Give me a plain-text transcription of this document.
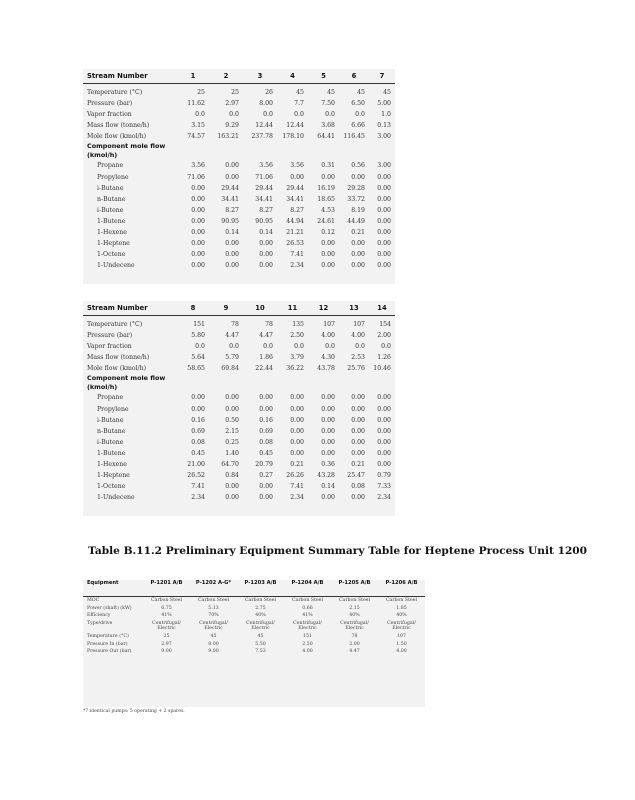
Stream Number	1	2	3	4	5	6	7
Temperature (°C)	25	25	26	45	45	45	45
Pressure (bar)	11.62	2.97	8.00	7.7	7.50	6.50	5.00
Vapor fraction	0.0	0.0	0.0	0.0	0.0	0.0	1.0
Mass flow (tonne/h)	3.15	9.29	12.44	12.44	3.68	6.66	0.13
Mole flow (kmol/h)	74.57	163.21	237.78	178.10	64.41	116.45	3.00
Component mole flow							
(kmol/h)							
Propane	3.56	0.00	3.56	3.56	0.31	0.56	3.00
Propylene	71.06	0.00	71.06	0.00	0.00	0.00	0.00
i-Butane	0.00	29.44	29.44	29.44	16.19	29.28	0.00
n-Butane	0.00	34.41	34.41	34.41	18.65	33.72	0.00
i-Butene	0.00	8.27	8.27	8.27	4.53	8.19	0.00
1-Butene	0.00	90.95	90.95	44.94	24.61	44.49	0.00
1-Hexene	0.00	0.14	0.14	21.21	0.12	0.21	0.00
1-Heptene	0.00	0.00	0.00	26.53	0.00	0.00	0.00
1-Octene	0.00	0.00	0.00	7.41	0.00	0.00	0.00
1-Undecene	0.00	0.00	0.00	2.34	0.00	0.00	0.00
Stream Number	8	9	10	11	12	13	14
Temperature (°C)	151	78	78	135	107	107	154
Pressure (bar)	5.80	4.47	4.47	2.50	4.00	4.00	2.00
Vapor fraction	0.0	0.0	0.0	0.0	0.0	0.0	0.0
Mass flow (tonne/h)	5.64	5.79	1.86	3.79	4.30	2.53	1.26
Mole flow (kmol/h)	58.65	69.84	22.44	36.22	43.78	25.76	10.46
Component mole flow							
(kmol/h)							
Propane	0.00	0.00	0.00	0.00	0.00	0.00	0.00
Propylene	0.00	0.00	0.00	0.00	0.00	0.00	0.00
i-Butane	0.16	0.50	0.16	0.00	0.00	0.00	0.00
n-Butane	0.69	2.15	0.69	0.00	0.00	0.00	0.00
i-Butene	0.08	0.25	0.08	0.00	0.00	0.00	0.00
1-Butene	0.45	1.40	0.45	0.00	0.00	0.00	0.00
1-Hexene	21.00	64.70	20.79	0.21	0.36	0.21	0.00
1-Heptene	26.52	0.84	0.27	26.26	43.28	25.47	0.79
1-Octene	7.41	0.00	0.00	7.41	0.14	0.08	7.33
1-Undecene	2.34	0.00	0.00	2.34	0.00	0.00	2.34
Table B.11.2 Preliminary Equipment Summary Table for Heptene Process Unit 1200
Equipment	P-1201 A/B	P-1202 A-G*	P-1203 A/B	P-1204 A/B	P-1205 A/B	P-1206 A/B
MOC	Carbon Steel	Carbon Steel	Carbon Steel	Carbon Steel	Carbon Steel	Carbon Steel
Power (shaft) (kW)	6.75	5.13	2.75	0.66	2.15	1.85
Efficiency	41%	70%	40%	41%	40%	40%
Type/drive	Centrifugal/ Electric	Centrifugal/ Electric	Centrifugal/ Electric	Centrifugal/ Electric	Centrifugal/ Electric	Centrifugal/ Electric
Temperature (°C)	25	45	45	151	78	107
Pressure In (bar)	2.97	8.00	5.50	2.50	2.00	1.50
Pressure Out (bar)	9.00	9.00	7.53	4.00	4.47	4.00
*7 identical pumps: 5 operating + 2 spares.
